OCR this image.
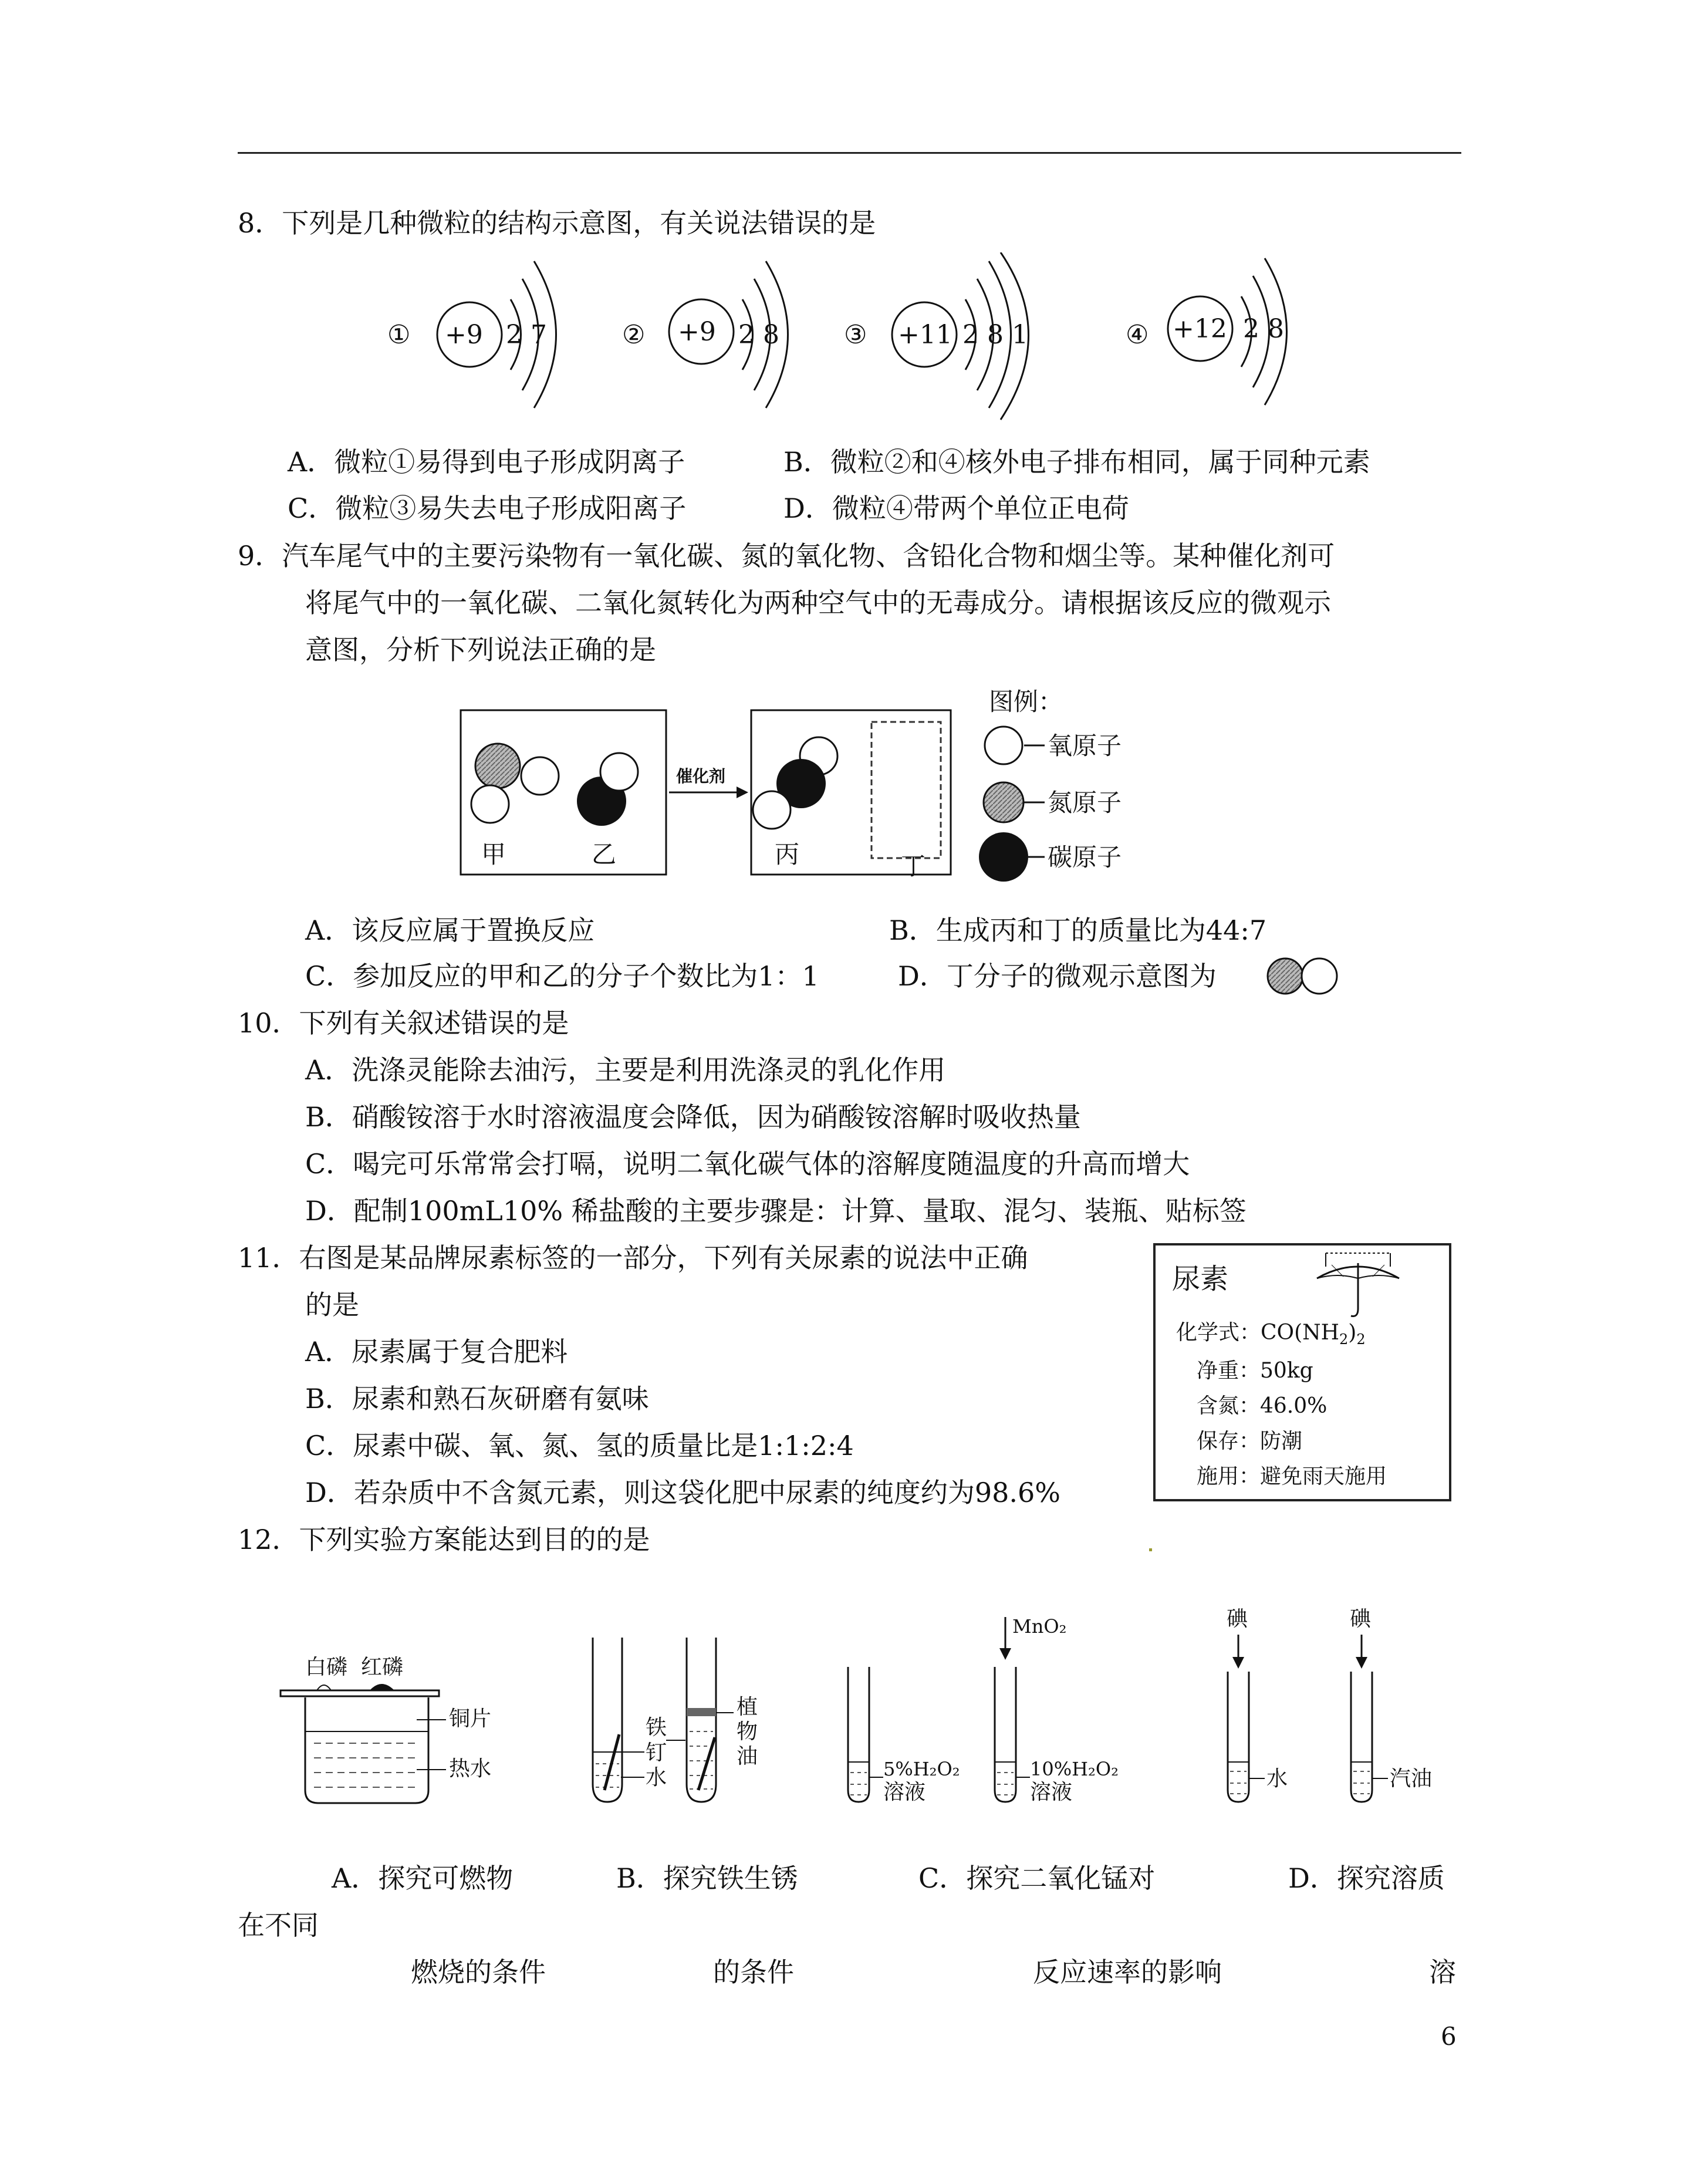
8．下列是几种微粒的结构示意图，有关说法错误的是
① +9 2 7	② +9 2 8	③ +11 2 8 1	④ +12 2 8
A．微粒①易得到电子形成阴离子	B．微粒②和④核外电子排布相同，属于同种元素
C．微粒③易失去电子形成阳离子	D．微粒④带两个单位正电荷
9．汽车尾气中的主要污染物有一氧化碳、氮的氧化物、含铅化合物和烟尘等。某种催化剂可
将尾气中的一氧化碳、二氧化氮转化为两种空气中的无毒成分。请根据该反应的微观示
意图，分析下列说法正确的是
甲	乙
催化剂
丙	丁
图例：
氧原子
氮原子
碳原子
A．该反应属于置换反应	B．生成丙和丁的质量比为44:7
C．参加反应的甲和乙的分子个数比为1：1	D．丁分子的微观示意图为
10．下列有关叙述错误的是
A．洗涤灵能除去油污，主要是利用洗涤灵的乳化作用
B．硝酸铵溶于水时溶液温度会降低，因为硝酸铵溶解时吸收热量
C．喝完可乐常常会打嗝，说明二氧化碳气体的溶解度随温度的升高而增大
D．配制100mL10% 稀盐酸的主要步骤是：计算、量取、混匀、装瓶、贴标签
11．右图是某品牌尿素标签的一部分，下列有关尿素的说法中正确
的是
A．尿素属于复合肥料
B．尿素和熟石灰研磨有氨味
C．尿素中碳、氧、氮、氢的质量比是1:1:2:4
D．若杂质中不含氮元素，则这袋化肥中尿素的纯度约为98.6%
尿素
化学式：$CO(NH_2)_2$
净重：50kg
含氮：46.0%
保存：防潮
施用：避免雨天施用
12．下列实验方案能达到目的的是
白磷 红磷
铜片
热水
铁
钉
水
植
物
油
5%H₂O₂
溶液
10%H₂O₂
溶液
MnO₂	碘
水
碘
汽油
A．探究可燃物	B．探究铁生锈	C．探究二氧化锰对	D．探究溶质
在不同
燃烧的条件	的条件	反应速率的影响	溶
6
